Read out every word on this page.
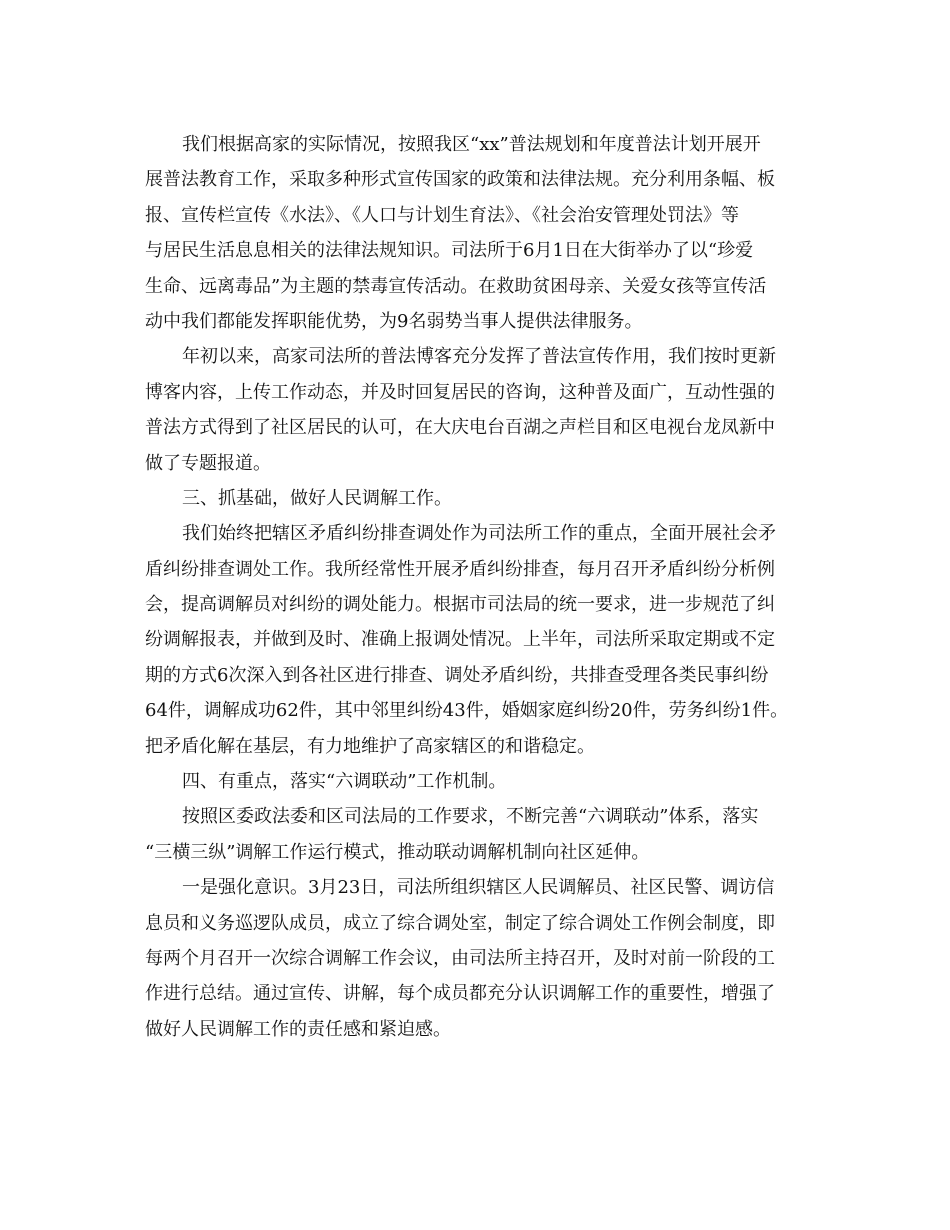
我们根据高家的实际情况，按照我区“xx”普法规划和年度普法计划开展开
展普法教育工作，采取多种形式宣传国家的政策和法律法规。充分利用条幅、板
报、宣传栏宣传《水法》、《人口与计划生育法》、《社会治安管理处罚法》等
与居民生活息息相关的法律法规知识。司法所于6月1日在大街举办了以“珍爱
生命、远离毒品”为主题的禁毒宣传活动。在救助贫困母亲、关爱女孩等宣传活
动中我们都能发挥职能优势，为9名弱势当事人提供法律服务。
年初以来，高家司法所的普法博客充分发挥了普法宣传作用，我们按时更新
博客内容，上传工作动态，并及时回复居民的咨询，这种普及面广，互动性强的
普法方式得到了社区居民的认可，在大庆电台百湖之声栏目和区电视台龙凤新中
做了专题报道。
三、抓基础，做好人民调解工作。
我们始终把辖区矛盾纠纷排查调处作为司法所工作的重点，全面开展社会矛
盾纠纷排查调处工作。我所经常性开展矛盾纠纷排查，每月召开矛盾纠纷分析例
会，提高调解员对纠纷的调处能力。根据市司法局的统一要求，进一步规范了纠
纷调解报表，并做到及时、准确上报调处情况。上半年，司法所采取定期或不定
期的方式6次深入到各社区进行排查、调处矛盾纠纷，共排查受理各类民事纠纷
64件，调解成功62件，其中邻里纠纷43件，婚姻家庭纠纷20件，劳务纠纷1件。
把矛盾化解在基层，有力地维护了高家辖区的和谐稳定。
四、有重点，落实“六调联动”工作机制。
按照区委政法委和区司法局的工作要求，不断完善“六调联动”体系，落实
“三横三纵”调解工作运行模式，推动联动调解机制向社区延伸。
一是强化意识。3月23日，司法所组织辖区人民调解员、社区民警、调访信
息员和义务巡逻队成员，成立了综合调处室，制定了综合调处工作例会制度，即
每两个月召开一次综合调解工作会议，由司法所主持召开，及时对前一阶段的工
作进行总结。通过宣传、讲解，每个成员都充分认识调解工作的重要性，增强了
做好人民调解工作的责任感和紧迫感。
